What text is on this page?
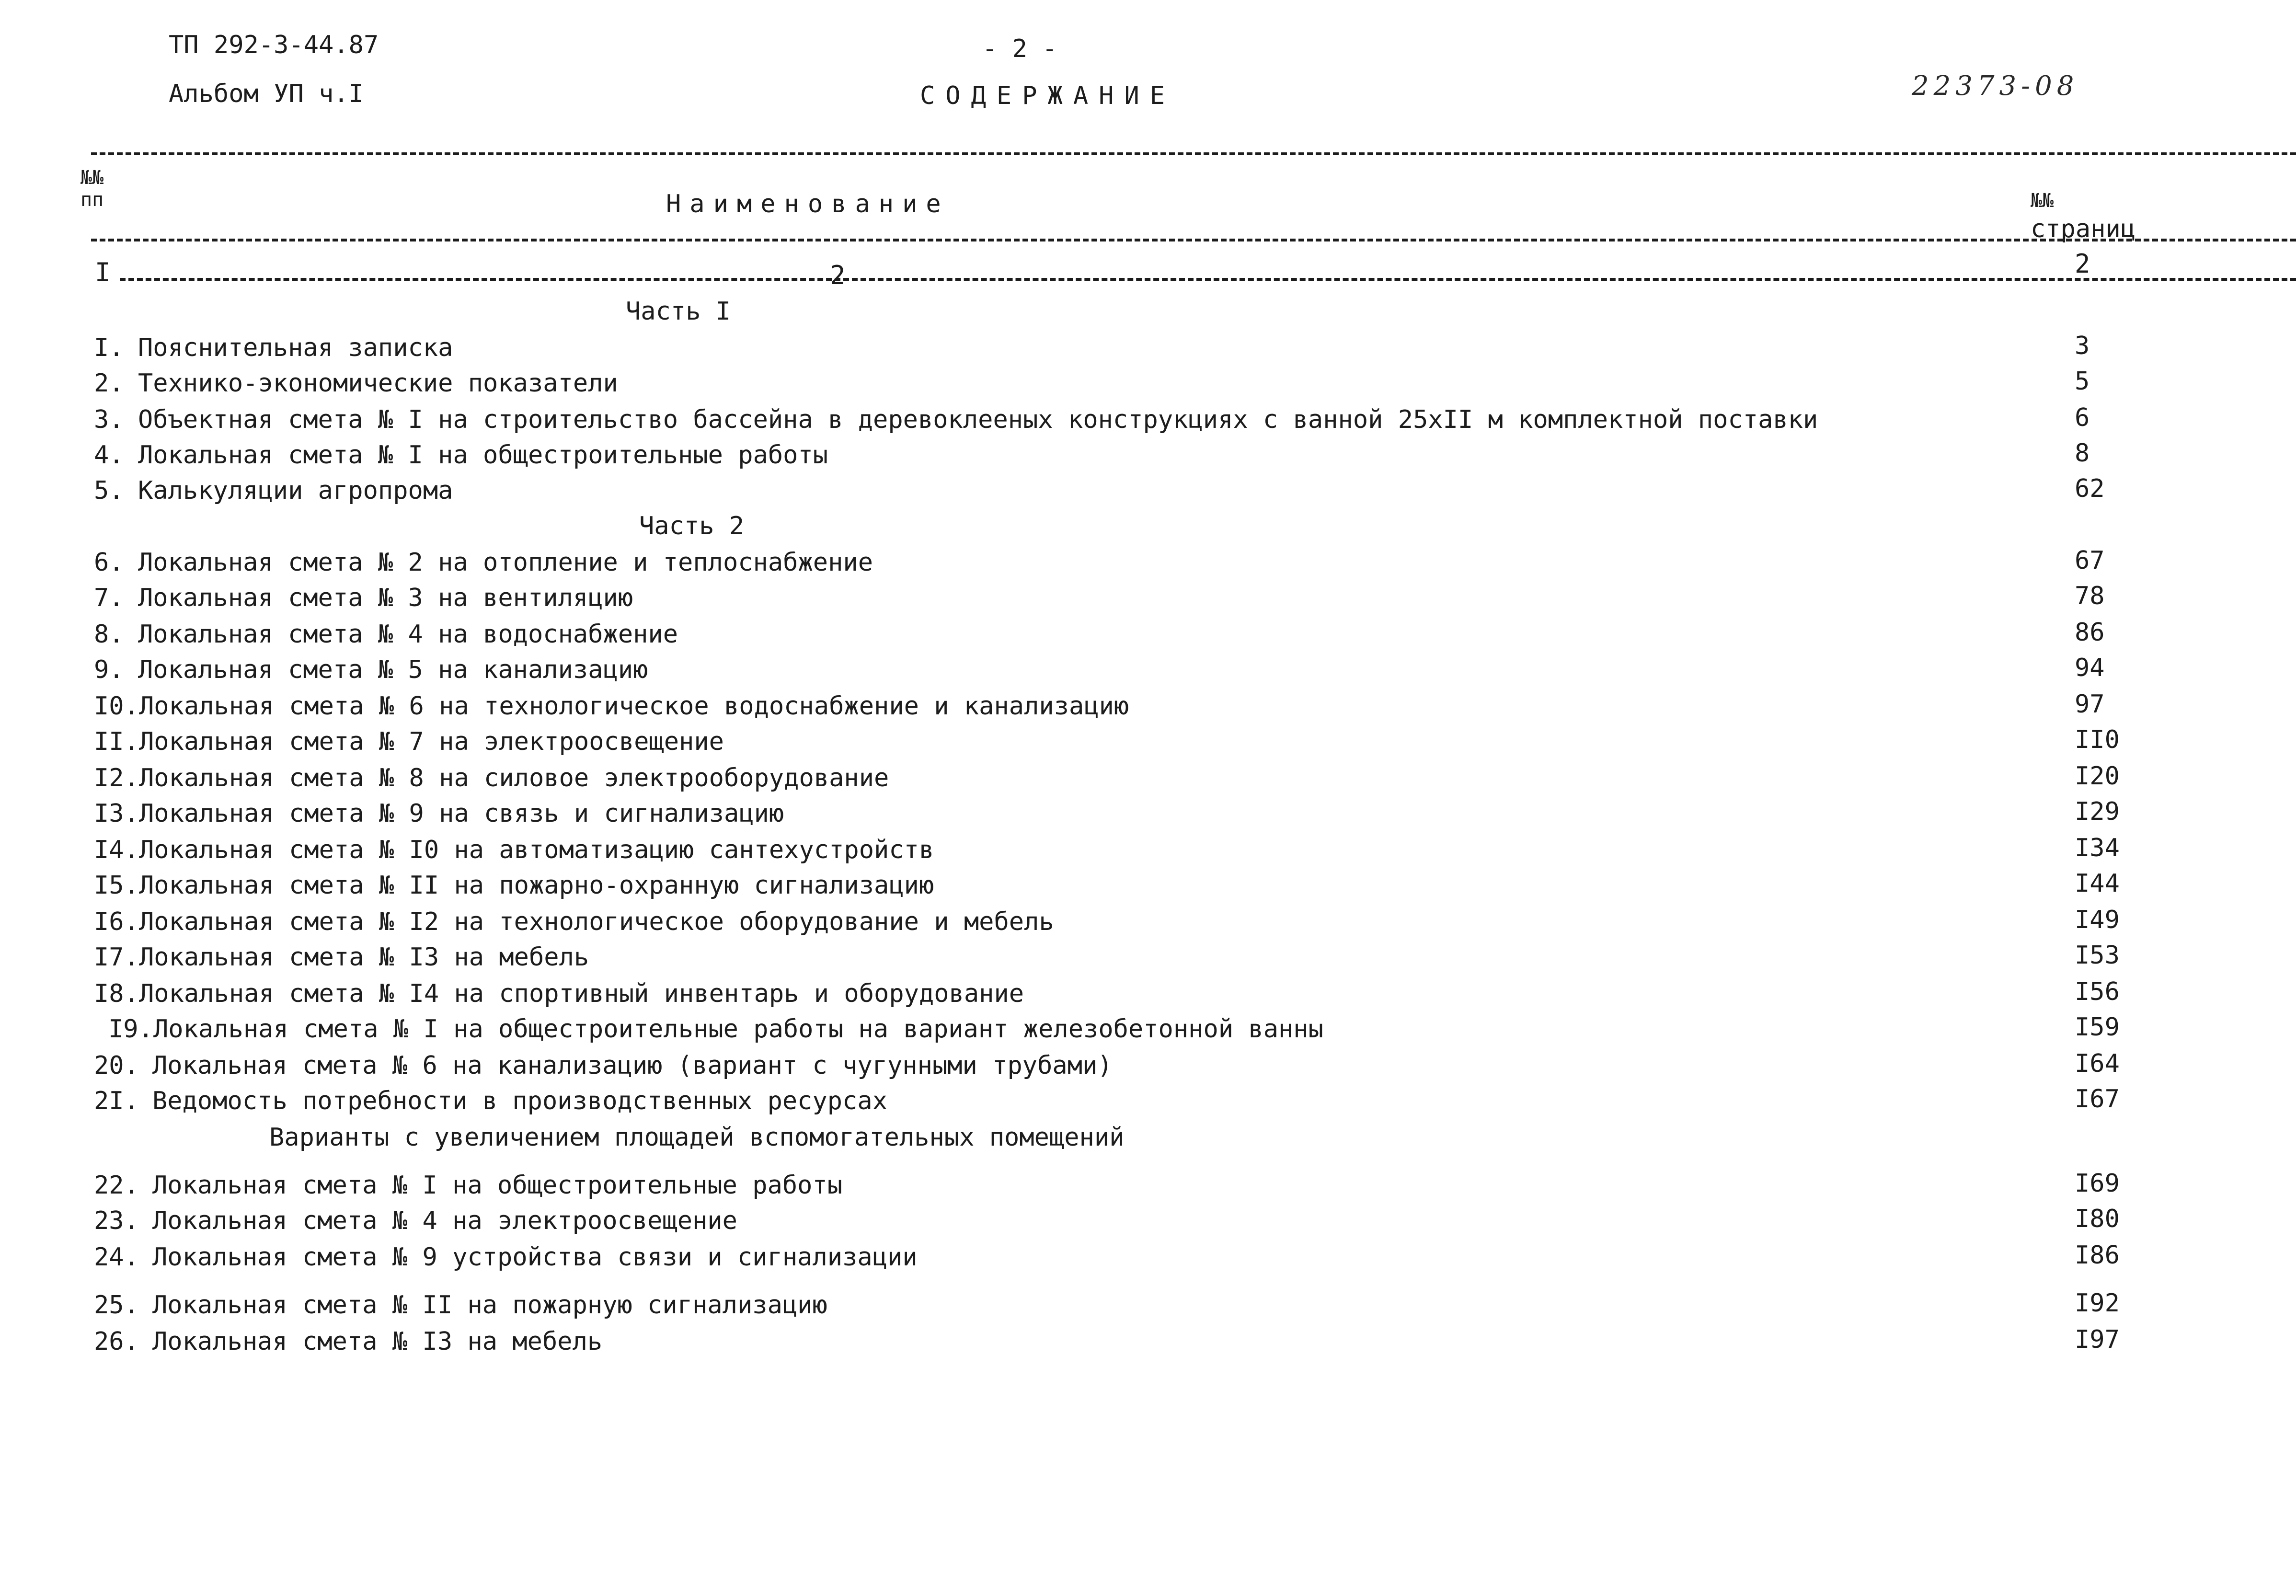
ТП 292-3-44.87
Альбом УП ч.I
- 2 -
СОДЕРЖАНИЕ	22373-08
№№
пп	Наименование	№№
страниц
I	2	2
Часть I
Часть 2
Варианты с увеличением площадей вспомогательных помещений
I. Пояснительная записка	3
2. Технико-экономические показатели	5
3. Объектная смета № I на строительство бассейна в деревоклееных конструкциях с ванной 25хII м комплектной поставки	6
4. Локальная смета № I на общестроительные работы	8
5. Калькуляции агропрома	62
6. Локальная смета № 2 на отопление и теплоснабжение	67
7. Локальная смета № 3 на вентиляцию	78
8. Локальная смета № 4 на водоснабжение	86
9. Локальная смета № 5 на канализацию	94
I0. Локальная смета № 6 на технологическое водоснабжение и канализацию	97
II. Локальная смета № 7 на электроосвещение	II0
I2. Локальная смета № 8 на силовое электрооборудование	I20
I3. Локальная смета № 9 на связь и сигнализацию	I29
I4. Локальная смета № I0 на автоматизацию сантехустройств	I34
I5. Локальная смета № II на пожарно-охранную сигнализацию	I44
I6. Локальная смета № I2 на технологическое оборудование и мебель	I49
I7. Локальная смета № I3 на мебель	I53
I8. Локальная смета № I4 на спортивный инвентарь и оборудование	I56
I9. Локальная смета № I на общестроительные работы на вариант железобетонной ванны	I59
20. Локальная смета № 6 на канализацию (вариант с чугунными трубами)	I64
2I. Ведомость потребности в производственных ресурсах	I67
22. Локальная смета № I на общестроительные работы	I69
23. Локальная смета № 4 на электроосвещение	I80
24. Локальная смета № 9 устройства связи и сигнализации	I86
25. Локальная смета № II на пожарную сигнализацию	I92
26. Локальная смета № I3 на мебель	I97
